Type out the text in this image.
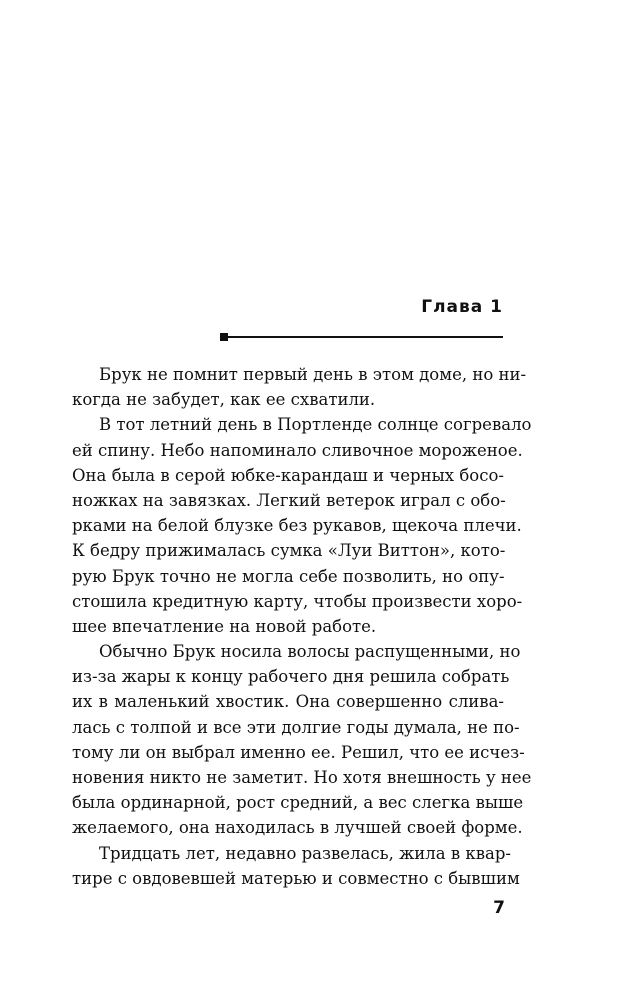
Глава 1
Брук не помнит первый день в этом доме, но ни-
когда не забудет, как ее схватили.
В тот летний день в Портленде солнце согревало
ей спину. Небо напоминало сливочное мороженое.
Она была в серой юбке-карандаш и черных босо-
ножках на завязках. Легкий ветерок играл с обо-
рками на белой блузке без рукавов, щекоча плечи.
К бедру прижималась сумка «Луи Виттон», кото-
рую Брук точно не могла себе позволить, но опу-
стошила кредитную карту, чтобы произвести хоро-
шее впечатление на новой работе.
Обычно Брук носила волосы распущенными, но
из-за жары к концу рабочего дня решила собрать
их в маленький хвостик. Она совершенно слива-
лась с толпой и все эти долгие годы думала, не по-
тому ли он выбрал именно ее. Решил, что ее исчез-
новения никто не заметит. Но хотя внешность у нее
была ординарной, рост средний, а вес слегка выше
желаемого, она находилась в лучшей своей форме.
Тридцать лет, недавно развелась, жила в квар-
тире с овдовевшей матерью и совместно с бывшим
7
